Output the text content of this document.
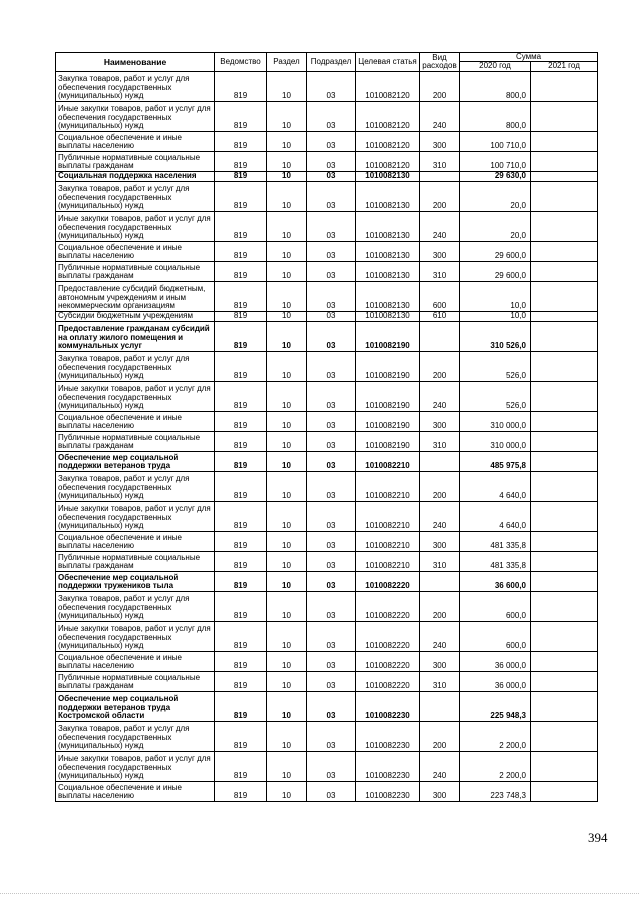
Наименование	Ведомство	Раздел	Подраздел	Целевая статья	Вид расходов	Сумма	
						2020 год	2021 год
Закупка товаров, работ и услуг для обеспечения государственных (муниципальных) нужд	819	10	03	1010082120	200	800,0	
Иные закупки товаров, работ и услуг для обеспечения государственных (муниципальных) нужд	819	10	03	1010082120	240	800,0	
Социальное обеспечение и иные выплаты населению	819	10	03	1010082120	300	100 710,0	
Публичные нормативные социальные выплаты гражданам	819	10	03	1010082120	310	100 710,0	
Социальная поддержка населения	819	10	03	1010082130		29 630,0	
Закупка товаров, работ и услуг для обеспечения государственных (муниципальных) нужд	819	10	03	1010082130	200	20,0	
Иные закупки товаров, работ и услуг для обеспечения государственных (муниципальных) нужд	819	10	03	1010082130	240	20,0	
Социальное обеспечение и иные выплаты населению	819	10	03	1010082130	300	29 600,0	
Публичные нормативные социальные выплаты гражданам	819	10	03	1010082130	310	29 600,0	
Предоставление субсидий бюджетным, автономным учреждениям и иным некоммерческим организациям	819	10	03	1010082130	600	10,0	
Субсидии бюджетным учреждениям	819	10	03	1010082130	610	10,0	
Предоставление гражданам субсидий на оплату жилого помещения и коммунальных услуг	819	10	03	1010082190		310 526,0	
Закупка товаров, работ и услуг для обеспечения государственных (муниципальных) нужд	819	10	03	1010082190	200	526,0	
Иные закупки товаров, работ и услуг для обеспечения государственных (муниципальных) нужд	819	10	03	1010082190	240	526,0	
Социальное обеспечение и иные выплаты населению	819	10	03	1010082190	300	310 000,0	
Публичные нормативные социальные выплаты гражданам	819	10	03	1010082190	310	310 000,0	
Обеспечение мер социальной поддержки ветеранов труда	819	10	03	1010082210		485 975,8	
Закупка товаров, работ и услуг для обеспечения государственных (муниципальных) нужд	819	10	03	1010082210	200	4 640,0	
Иные закупки товаров, работ и услуг для обеспечения государственных (муниципальных) нужд	819	10	03	1010082210	240	4 640,0	
Социальное обеспечение и иные выплаты населению	819	10	03	1010082210	300	481 335,8	
Публичные нормативные социальные выплаты гражданам	819	10	03	1010082210	310	481 335,8	
Обеспечение мер социальной поддержки тружеников тыла	819	10	03	1010082220		36 600,0	
Закупка товаров, работ и услуг для обеспечения государственных (муниципальных) нужд	819	10	03	1010082220	200	600,0	
Иные закупки товаров, работ и услуг для обеспечения государственных (муниципальных) нужд	819	10	03	1010082220	240	600,0	
Социальное обеспечение и иные выплаты населению	819	10	03	1010082220	300	36 000,0	
Публичные нормативные социальные выплаты гражданам	819	10	03	1010082220	310	36 000,0	
Обеспечение мер социальной поддержки ветеранов труда Костромской области	819	10	03	1010082230		225 948,3	
Закупка товаров, работ и услуг для обеспечения государственных (муниципальных) нужд	819	10	03	1010082230	200	2 200,0	
Иные закупки товаров, работ и услуг для обеспечения государственных (муниципальных) нужд	819	10	03	1010082230	240	2 200,0	
Социальное обеспечение и иные выплаты населению	819	10	03	1010082230	300	223 748,3	
394
